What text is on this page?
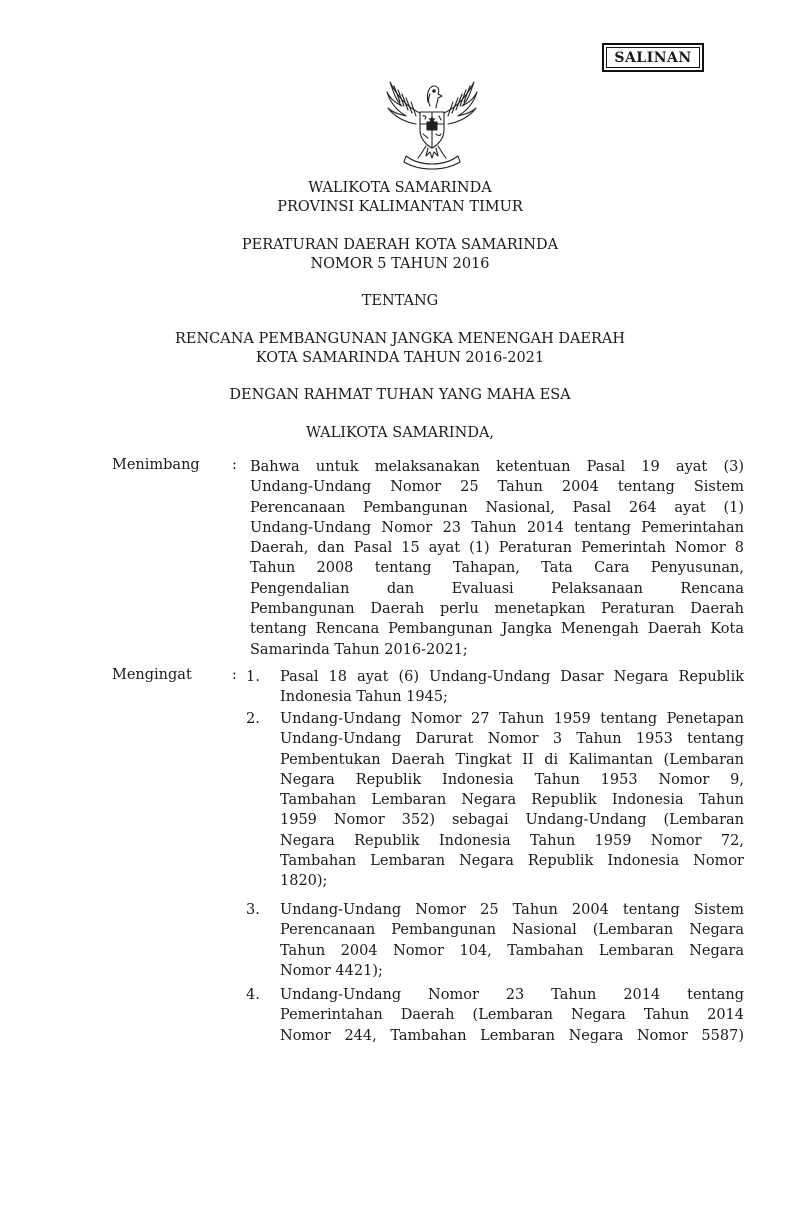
SALINAN
WALIKOTA SAMARINDA
PROVINSI KALIMANTAN TIMUR
PERATURAN DAERAH KOTA SAMARINDA
NOMOR 5 TAHUN 2016
TENTANG
RENCANA PEMBANGUNAN JANGKA MENENGAH DAERAH
KOTA SAMARINDA TAHUN 2016-2021
DENGAN RAHMAT TUHAN YANG MAHA ESA
WALIKOTA SAMARINDA,
Menimbang : Bahwa untuk melaksanakan ketentuan Pasal 19 ayat (3)
Undang-Undang Nomor 25 Tahun 2004 tentang Sistem
Perencanaan Pembangunan Nasional, Pasal 264 ayat (1)
Undang-Undang Nomor 23 Tahun 2014 tentang Pemerintahan
Daerah, dan Pasal 15 ayat (1) Peraturan Pemerintah Nomor 8
Tahun 2008 tentang Tahapan, Tata Cara Penyusunan,
Pengendalian dan Evaluasi Pelaksanaan Rencana
Pembangunan Daerah perlu menetapkan Peraturan Daerah
tentang Rencana Pembangunan Jangka Menengah Daerah Kota
Samarinda Tahun 2016-2021;
Mengingat	: 1.	Pasal 18 ayat (6) Undang-Undang Dasar Negara Republik
Indonesia Tahun 1945;
2.	Undang-Undang Nomor 27 Tahun 1959 tentang Penetapan
Undang-Undang Darurat Nomor 3 Tahun 1953 tentang
Pembentukan Daerah Tingkat II di Kalimantan (Lembaran
Negara Republik Indonesia Tahun 1953 Nomor 9,
Tambahan Lembaran Negara Republik Indonesia Tahun
1959 Nomor 352) sebagai Undang-Undang (Lembaran
Negara Republik Indonesia Tahun 1959 Nomor 72,
Tambahan Lembaran Negara Republik Indonesia Nomor
1820);
3.	Undang-Undang Nomor 25 Tahun 2004 tentang Sistem
Perencanaan Pembangunan Nasional (Lembaran Negara
Tahun 2004 Nomor 104, Tambahan Lembaran Negara
Nomor 4421);
4.	Undang-Undang Nomor 23 Tahun 2014 tentang
Pemerintahan Daerah (Lembaran Negara Tahun 2014
Nomor 244, Tambahan Lembaran Negara Nomor 5587)
